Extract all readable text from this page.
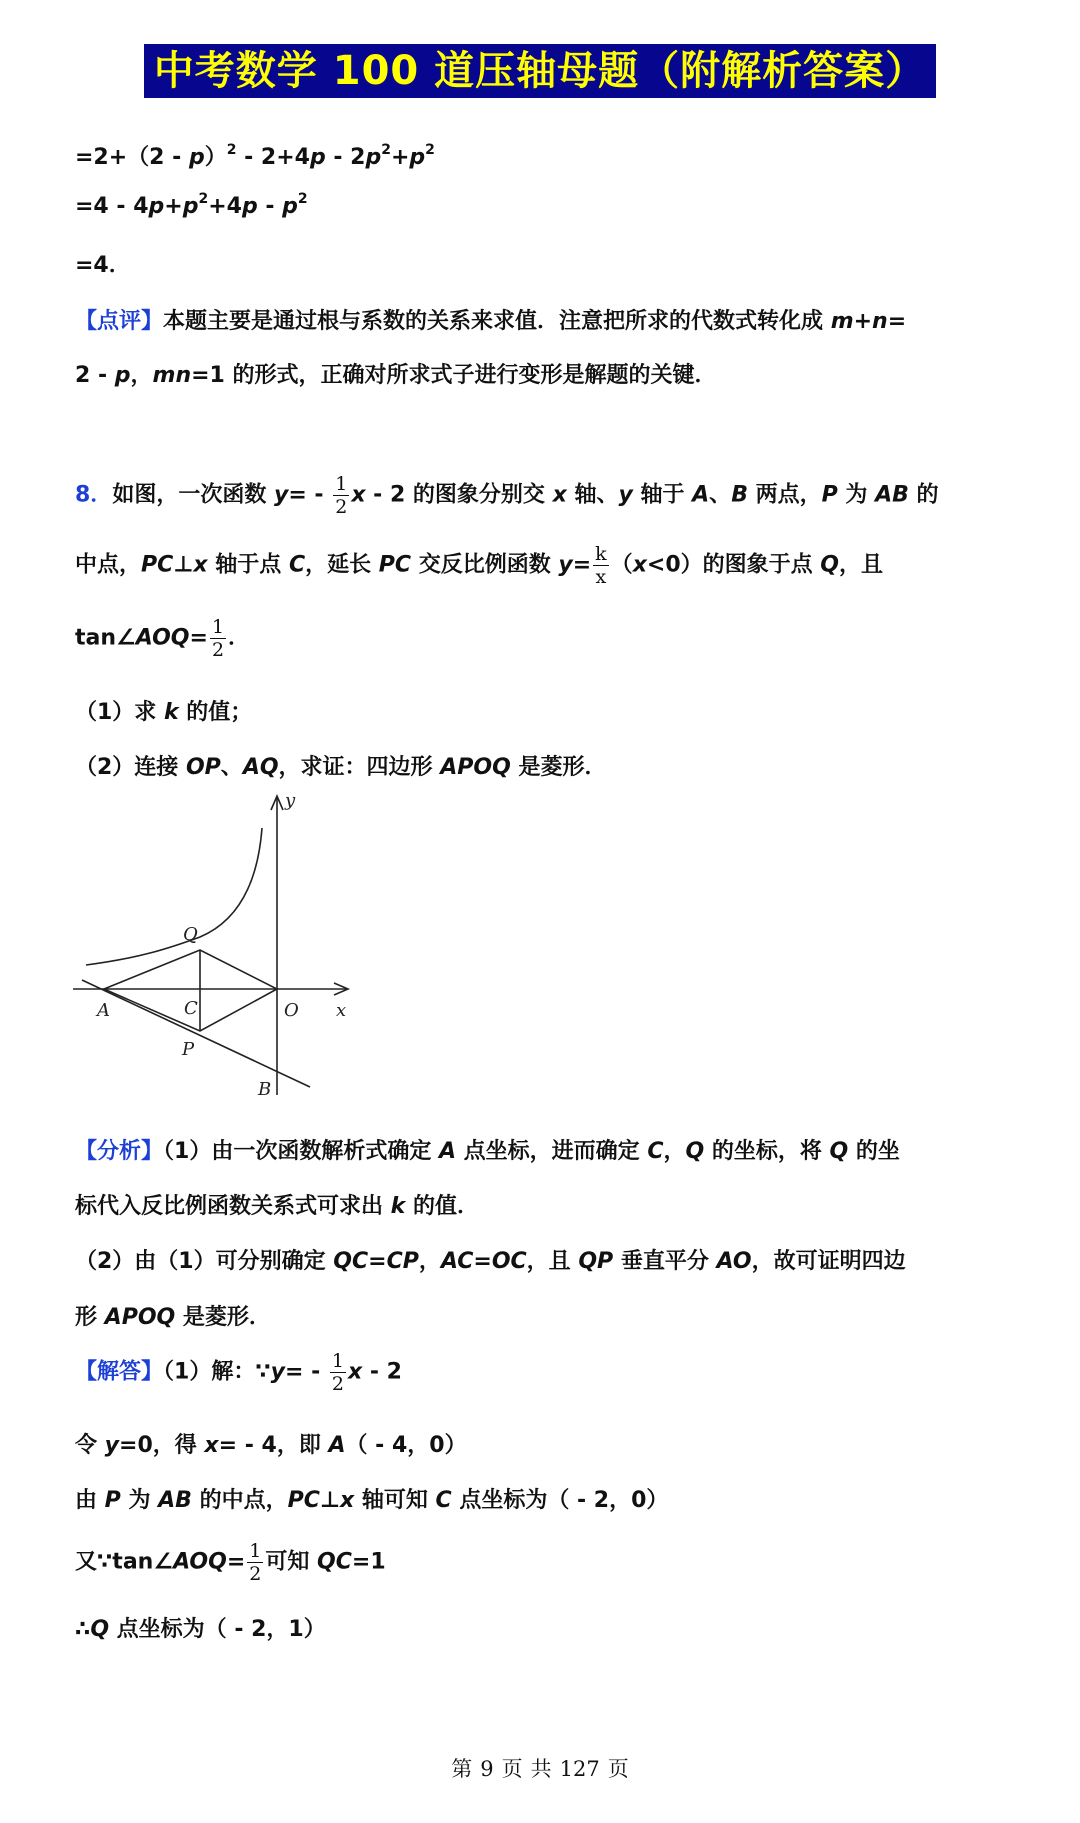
中考数学 100 道压轴母题（附解析答案）
$=2+(2 - p)^2 - 2+4p - 2p^2+p^2$
$=4 - 4p+p^2+4p - p^2$
=4．
【点评】本题主要是通过根与系数的关系来求值．注意把所求的代数式转化成 m+n=
2 - p，mn=1 的形式，正确对所求式子进行变形是解题的关键．
8．如图，一次函数 $y= - \frac{1}{2}$ x - 2 的图象分别交 x 轴、y 轴于 A、B 两点，P 为 AB 的
中点，PC⊥x 轴于点 C，延长 PC 交反比例函数 $y= \frac{k}{x} (x<0)$的图象于点 Q，且
tan∠AOQ= $\frac{1}{2}$ ．
（1）求 k 的值；
（2）连接 OP、AQ，求证：四边形 APOQ 是菱形．
【分析】（1）由一次函数解析式确定 A 点坐标，进而确定 C，Q 的坐标，将 Q 的坐
标代入反比例函数关系式可求出 k 的值．
（2）由（1）可分别确定 QC=CP，AC=OC，且 QP 垂直平分 AO，故可证明四边
形 APOQ 是菱形．
【解答】（1）解：∵y= - $\frac{1}{2}$ x - 2
令 y=0，得 x= - 4，即 A（ - 4，0）
由 P 为 AB 的中点，PC⊥x 轴可知 C 点坐标为（ - 2，0）
又∵tan∠AOQ= $\frac{1}{2}$ 可知 QC=1
∴Q 点坐标为（ - 2，1）
y
Q
A	C	O x
P
B
第 9 页 共 127 页
